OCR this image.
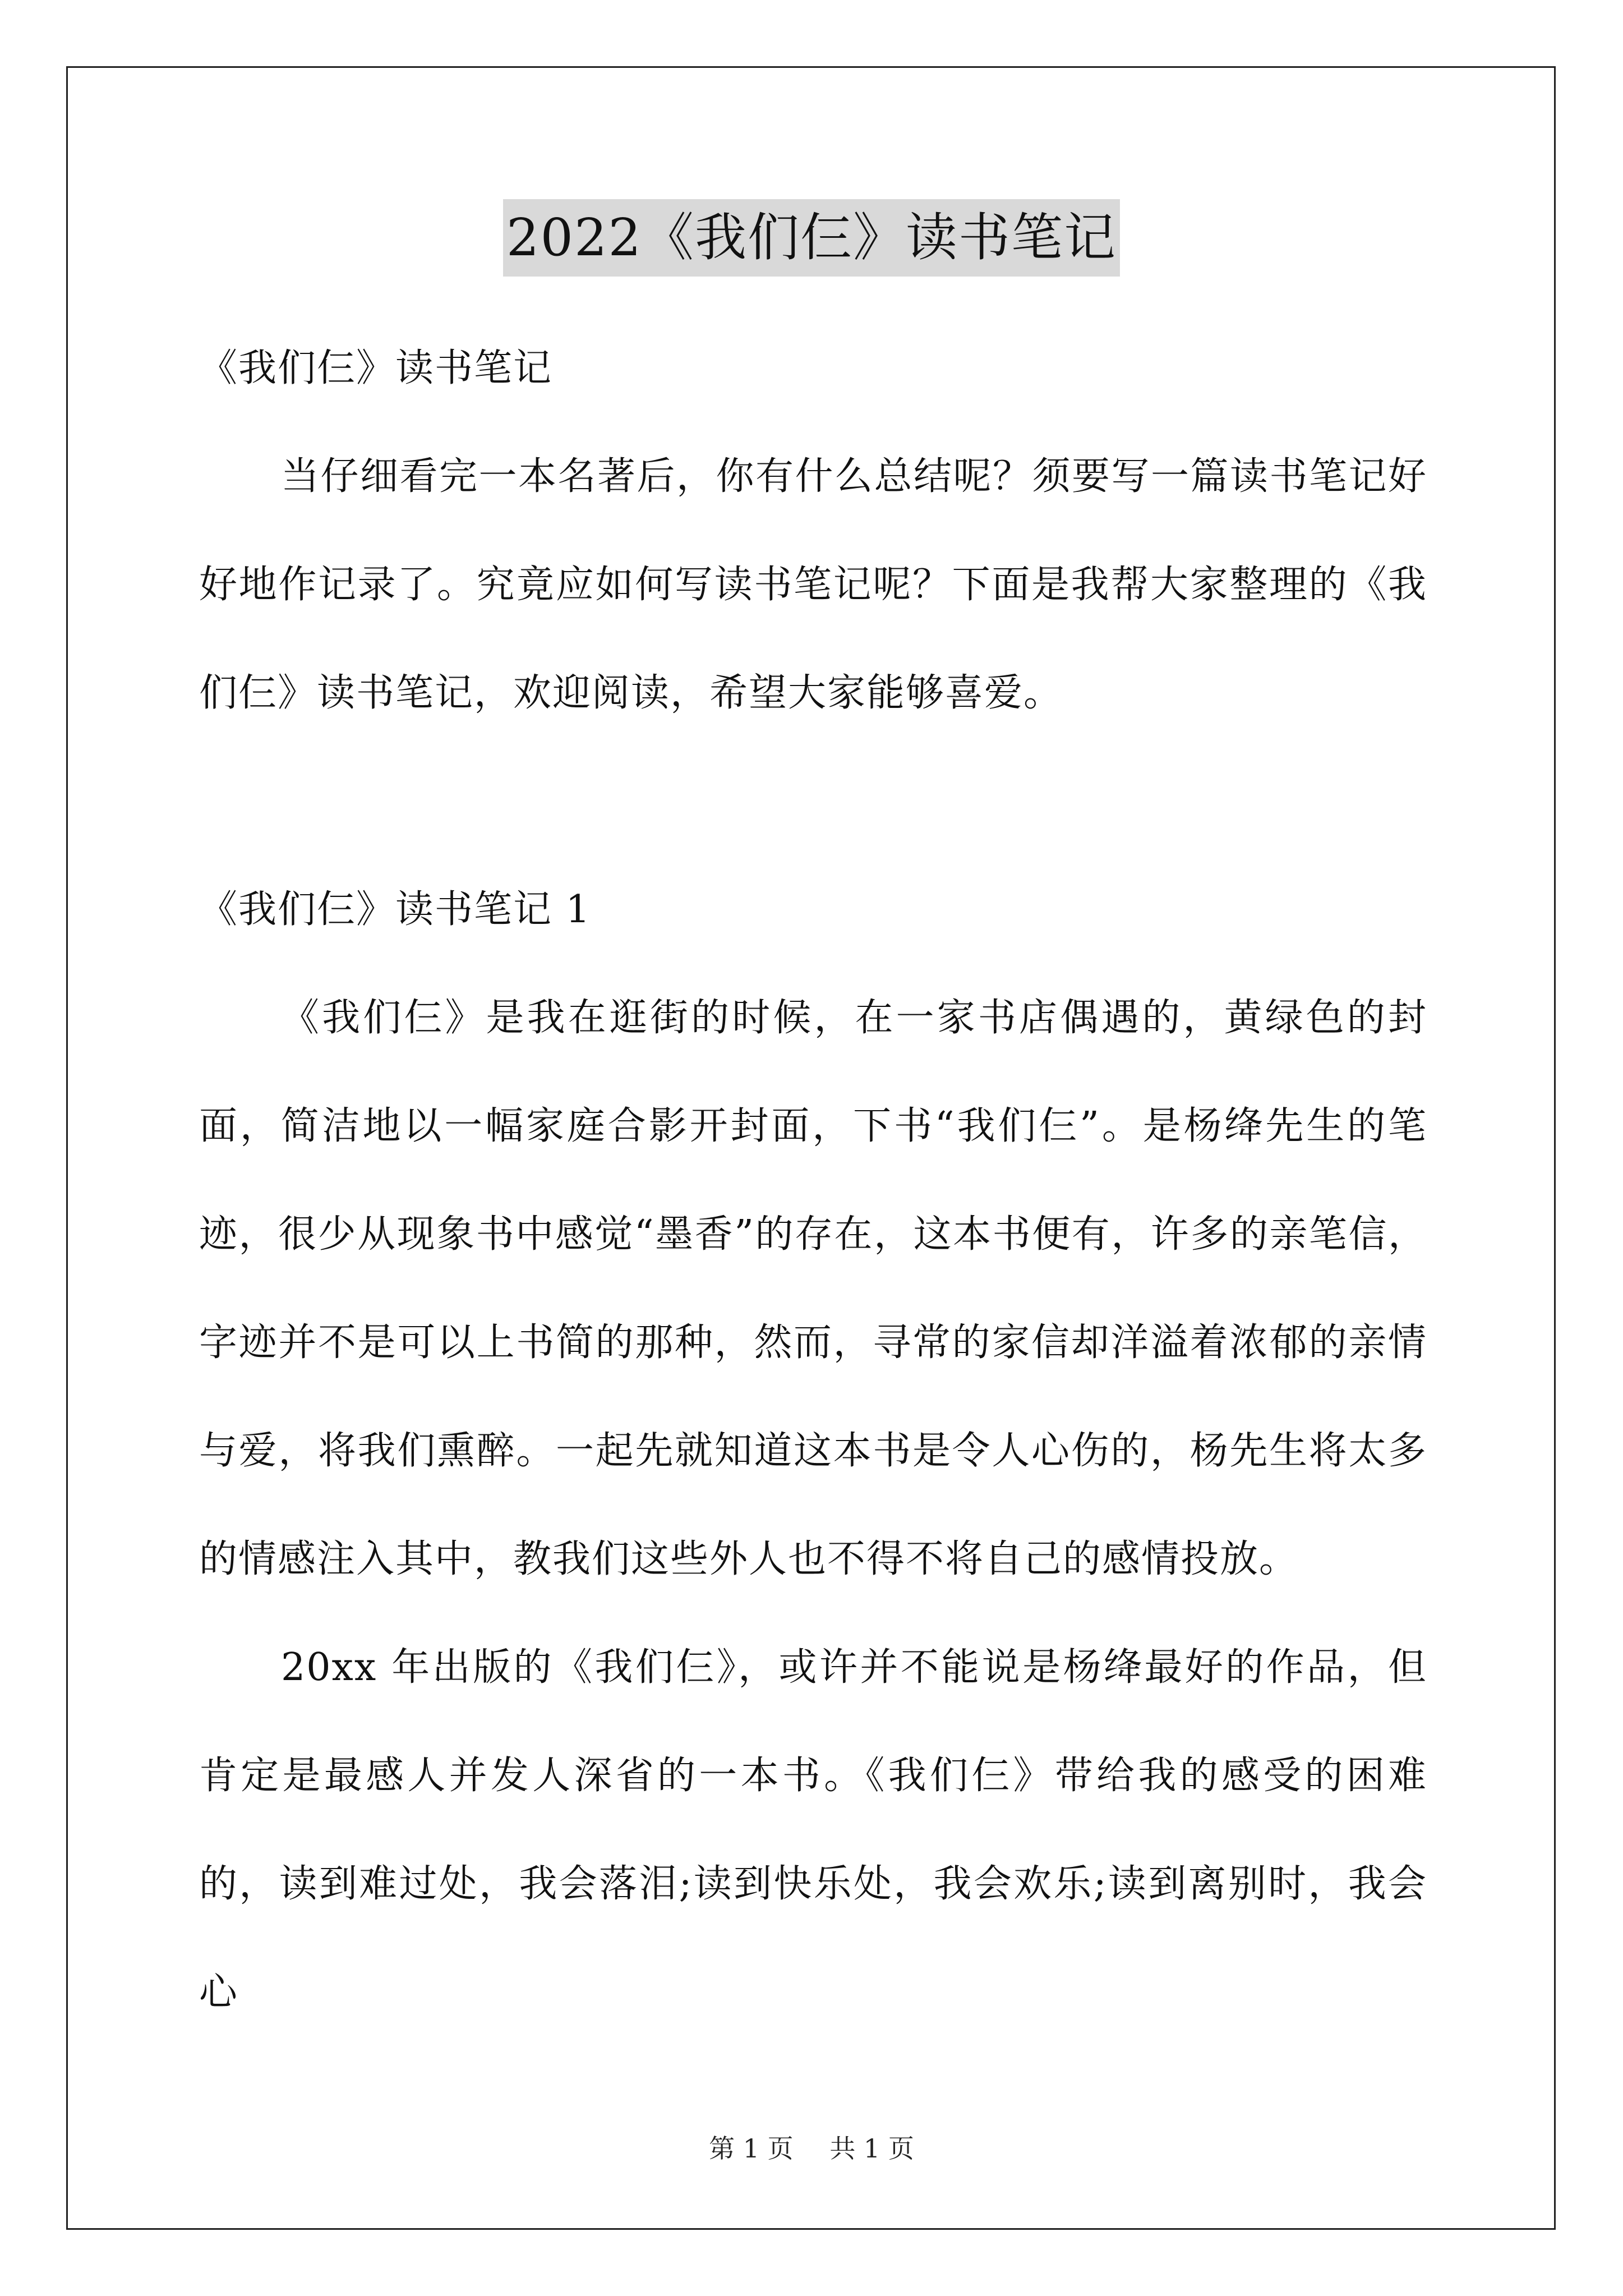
2022《我们仨》读书笔记

《我们仨》读书笔记

当仔细看完一本名著后，你有什么总结呢？须要写一篇读书笔记好好地作记录了。究竟应如何写读书笔记呢？下面是我帮大家整理的《我们仨》读书笔记，欢迎阅读，希望大家能够喜爱。

《我们仨》读书笔记 1

《我们仨》是我在逛街的时候，在一家书店偶遇的，黄绿色的封面，简洁地以一幅家庭合影开封面，下书“我们仨”。是杨绛先生的笔迹，很少从现象书中感觉“墨香”的存在，这本书便有，许多的亲笔信，字迹并不是可以上书简的那种，然而，寻常的家信却洋溢着浓郁的亲情与爱，将我们熏醉。一起先就知道这本书是令人心伤的，杨先生将太多的情感注入其中，教我们这些外人也不得不将自己的感情投放。

20xx 年出版的《我们仨》，或许并不能说是杨绛最好的作品，但肯定是最感人并发人深省的一本书。《我们仨》带给我的感受的困难的，读到难过处，我会落泪;读到快乐处，我会欢乐;读到离别时，我会心

第 1 页 共 1 页
